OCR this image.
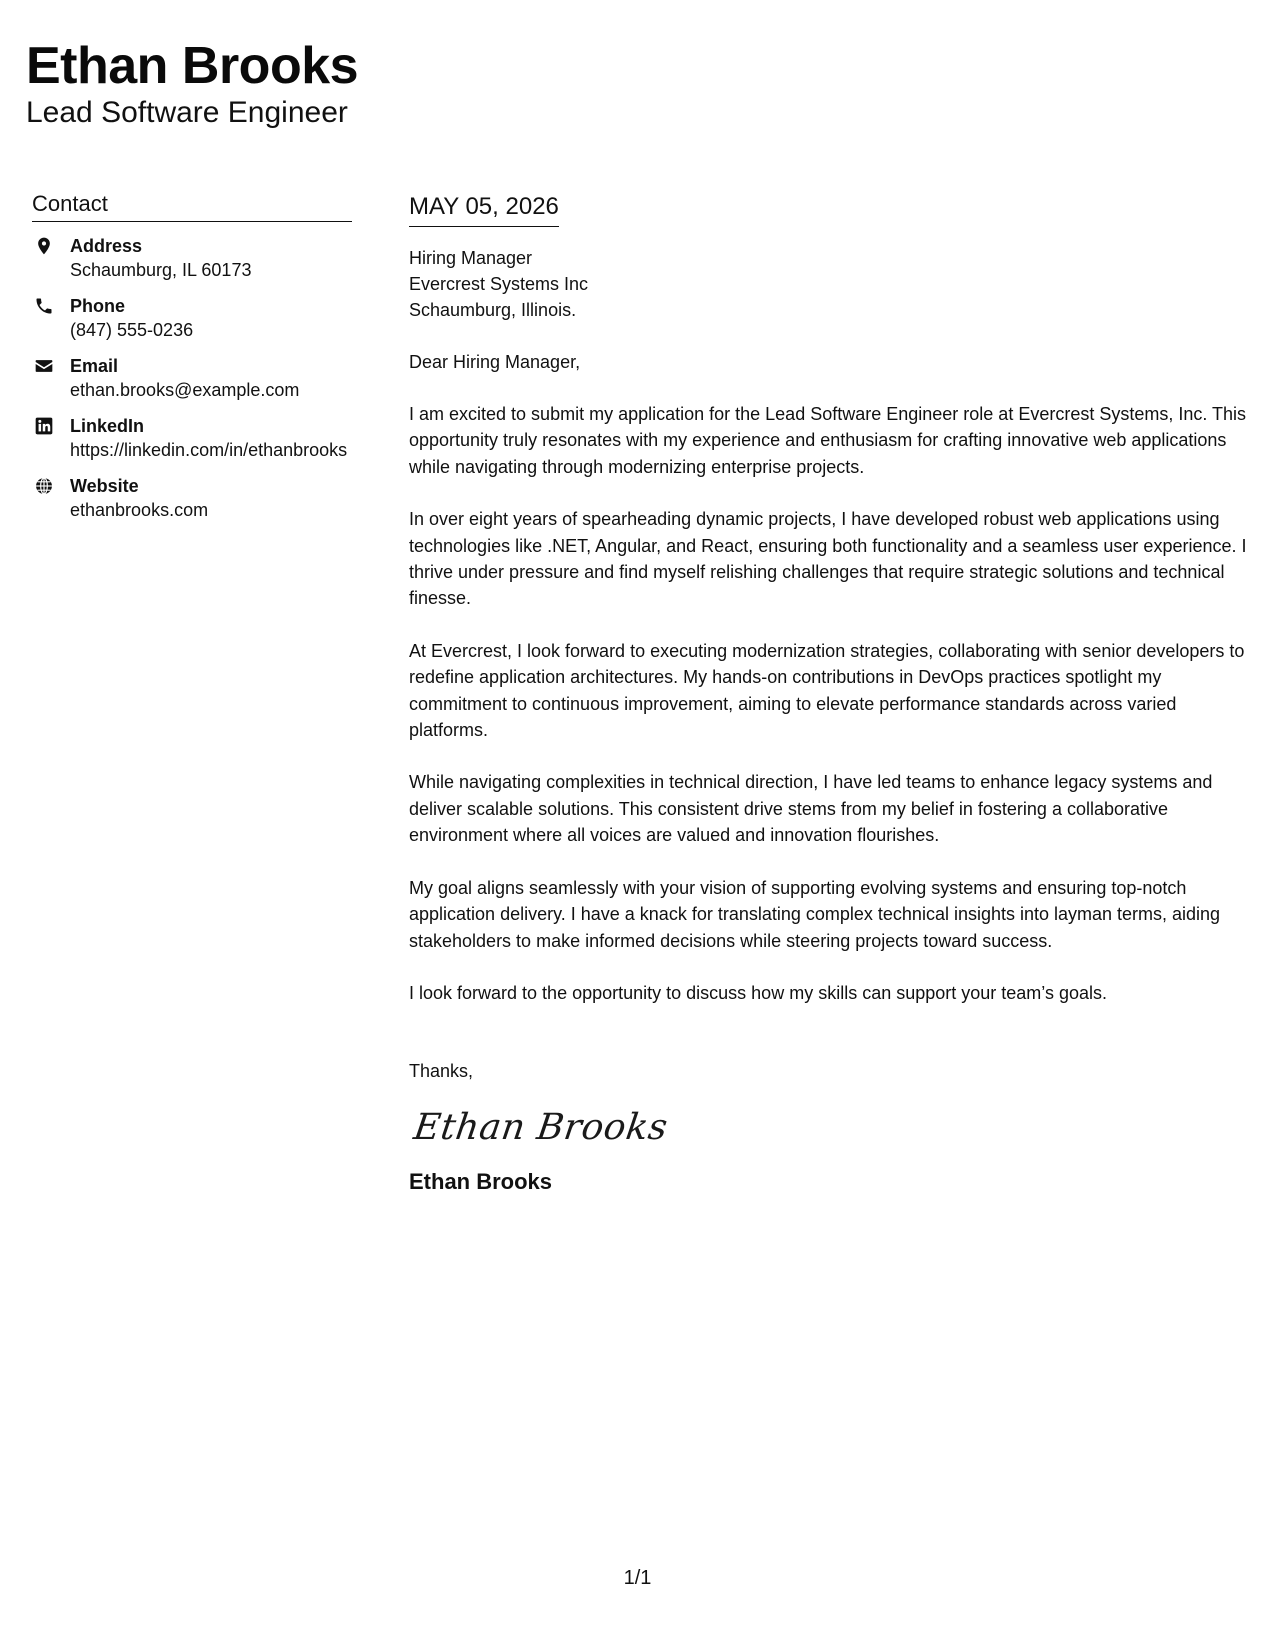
Ethan Brooks
Lead Software Engineer
Contact
Address
Schaumburg, IL 60173
Phone
(847) 555-0236
Email
ethan.brooks@example.com
LinkedIn
https://linkedin.com/in/ethanbrooks
Website
ethanbrooks.com
MAY 05, 2026
Hiring Manager
Evercrest Systems Inc
Schaumburg, Illinois.

Dear Hiring Manager,

I am excited to submit my application for the Lead Software Engineer role at Evercrest Systems, Inc. This opportunity truly resonates with my experience and enthusiasm for crafting innovative web applications while navigating through modernizing enterprise projects.

In over eight years of spearheading dynamic projects, I have developed robust web applications using technologies like .NET, Angular, and React, ensuring both functionality and a seamless user experience. I thrive under pressure and find myself relishing challenges that require strategic solutions and technical finesse.

At Evercrest, I look forward to executing modernization strategies, collaborating with senior developers to redefine application architectures. My hands-on contributions in DevOps practices spotlight my commitment to continuous improvement, aiming to elevate performance standards across varied platforms.

While navigating complexities in technical direction, I have led teams to enhance legacy systems and deliver scalable solutions. This consistent drive stems from my belief in fostering a collaborative environment where all voices are valued and innovation flourishes.

My goal aligns seamlessly with your vision of supporting evolving systems and ensuring top-notch application delivery. I have a knack for translating complex technical insights into layman terms, aiding stakeholders to make informed decisions while steering projects toward success.

I look forward to the opportunity to discuss how my skills can support your team’s goals.

Thanks,

Ethan Brooks

Ethan Brooks

1/1
